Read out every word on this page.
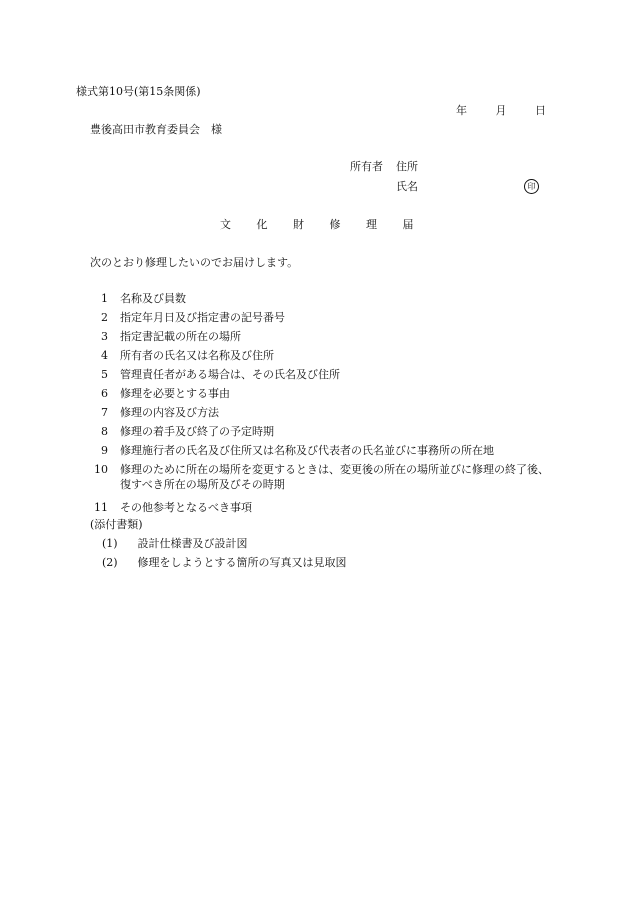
様式第10号(第15条関係)
年	月	日
豊後高田市教育委員会　様
所有者 住所
氏名	印
文 化 財 修 理 届
次のとおり修理したいのでお届けします。
1	名称及び員数
2	指定年月日及び指定書の記号番号
3	指定書記載の所在の場所
4	所有者の氏名又は名称及び住所
5	管理責任者がある場合は、その氏名及び住所
6	修理を必要とする事由
7	修理の内容及び方法
8	修理の着手及び終了の予定時期
9	修理施行者の氏名及び住所又は名称及び代表者の氏名並びに事務所の所在地
10	修理のために所在の場所を変更するときは、変更後の所在の場所並びに修理の終了後、復すべき所在の場所及びその時期
11	その他参考となるべき事項
(添付書類)
(1) 設計仕様書及び設計図
(2) 修理をしようとする箇所の写真又は見取図
